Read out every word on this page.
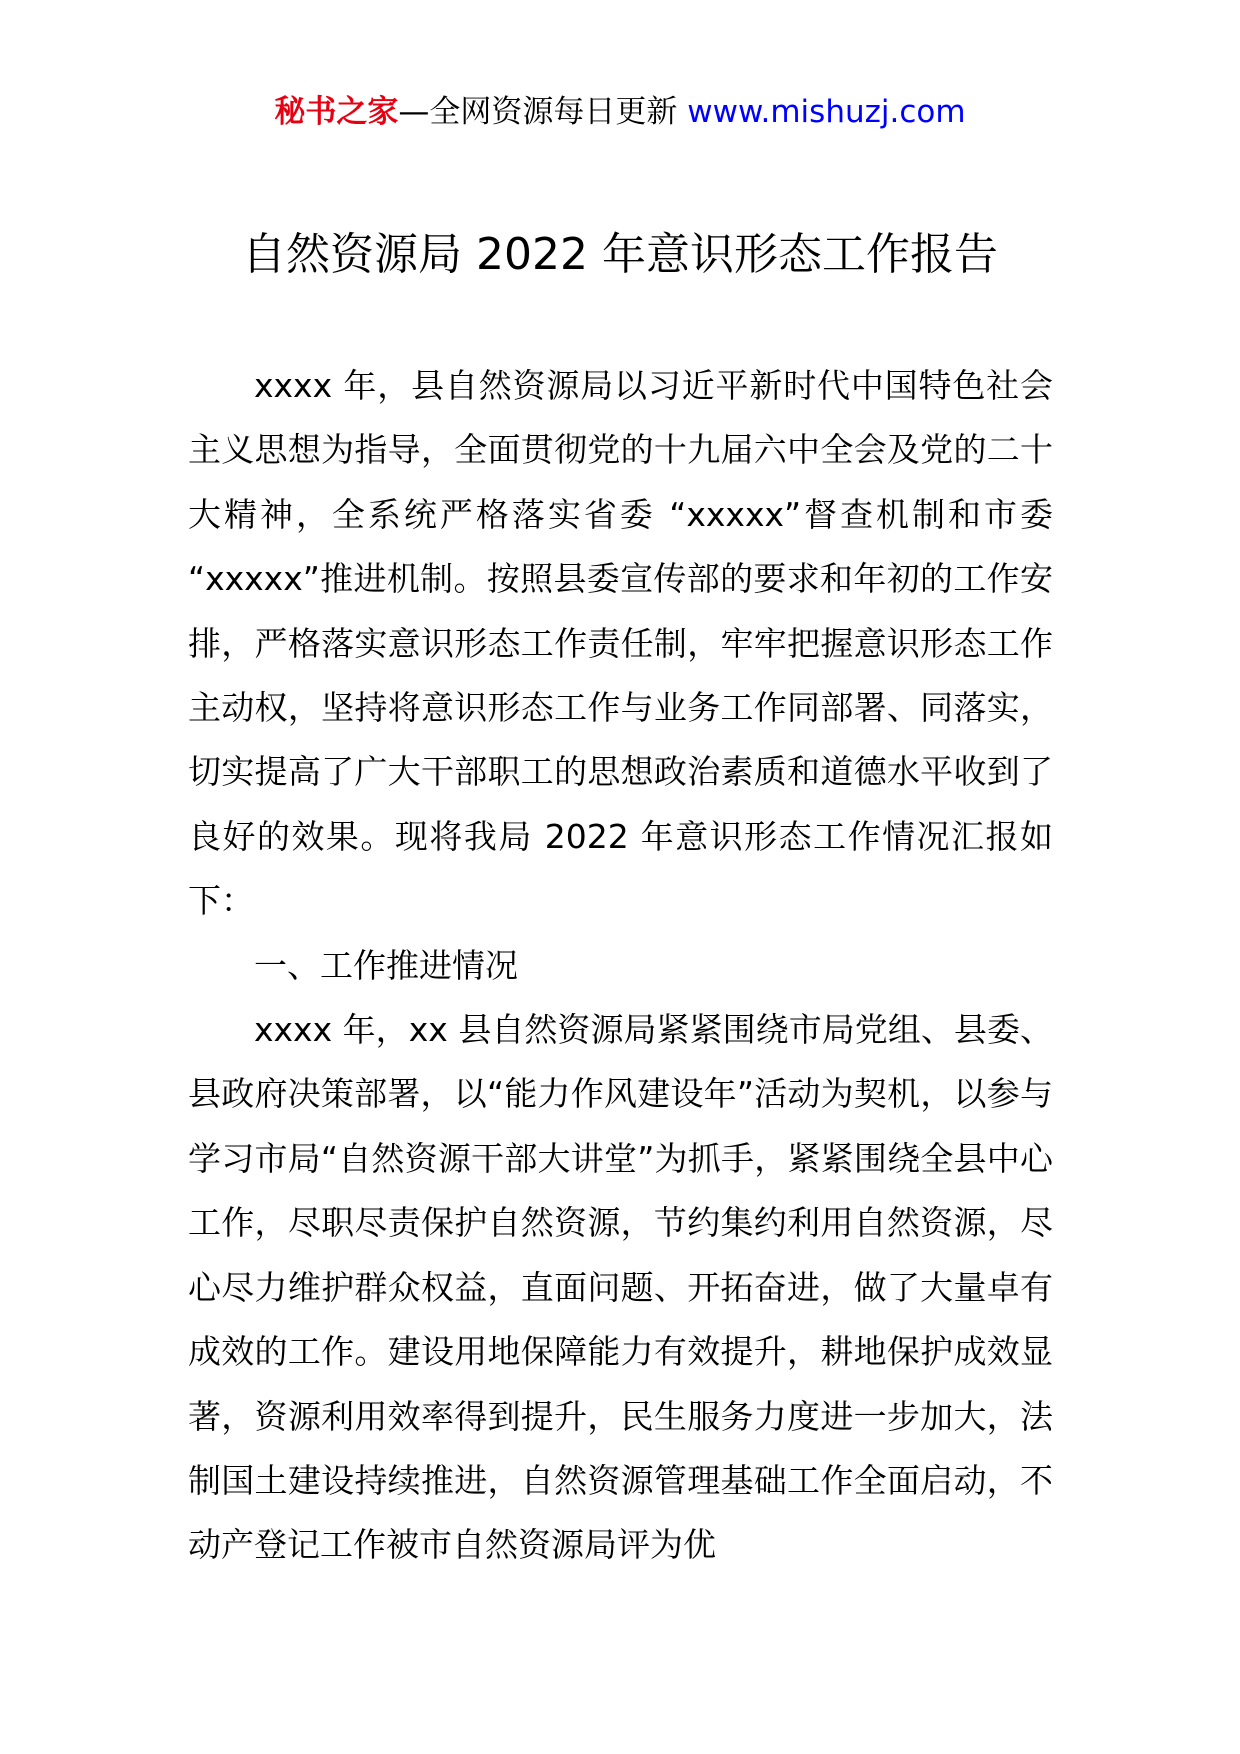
秘书之家—全网资源每日更新 www.mishuzj.com
自然资源局 2022 年意识形态工作报告

xxxx 年，县自然资源局以习近平新时代中国特色社会主义思想为指导，全面贯彻党的十九届六中全会及党的二十大精神，全系统严格落实省委 “xxxxx”督查机制和市委 “xxxxx”推进机制。按照县委宣传部的要求和年初的工作安排，严格落实意识形态工作责任制，牢牢把握意识形态工作主动权，坚持将意识形态工作与业务工作同部署、同落实，切实提高了广大干部职工的思想政治素质和道德水平收到了良好的效果。现将我局 2022 年意识形态工作情况汇报如下：

一、工作推进情况

xxxx 年，xx 县自然资源局紧紧围绕市局党组、县委、县政府决策部署，以“能力作风建设年”活动为契机，以参与学习市局“自然资源干部大讲堂”为抓手，紧紧围绕全县中心工作，尽职尽责保护自然资源，节约集约利用自然资源，尽心尽力维护群众权益，直面问题、开拓奋进，做了大量卓有成效的工作。建设用地保障能力有效提升，耕地保护成效显著，资源利用效率得到提升，民生服务力度进一步加大，法制国土建设持续推进，自然资源管理基础工作全面启动，不动产登记工作被市自然资源局评为优
